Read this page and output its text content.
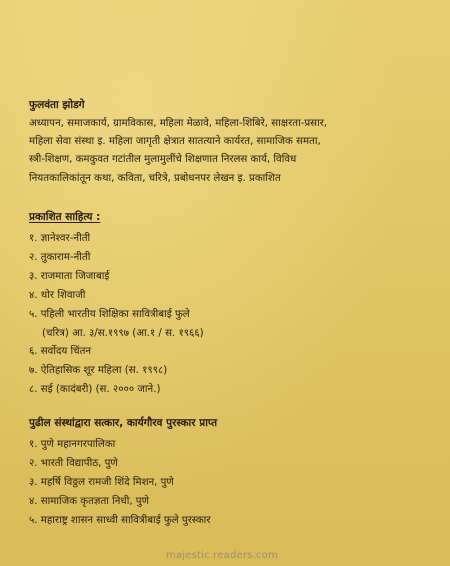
फुलवंता झोडगे
अध्यापन, समाजकार्य, ग्रामविकास, महिला मेळावे, महिला-शिबिरे, साक्षरता-प्रसार,
महिला सेवा संस्था इ. महिला जागृती क्षेत्रात सातत्याने कार्यरत, सामाजिक समता,
स्त्री-शिक्षण, कमकुवत गटांतील मुलामुलींचे शिक्षणात निरलस कार्य, विविध
नियतकालिकांतून कथा, कविता, चरित्रे, प्रबोधनपर लेखन इ. प्रकाशित
प्रकाशित साहित्य :
१. ज्ञानेश्वर-नीती
२. तुकाराम-नीती
३. राजमाता जिजाबाई
४. थोर शिवाजी
५. पहिली भारतीय शिक्षिका सावित्रीबाई फुले
(चरित्र) आ. ३/स.१९९७ (आ.१ / स. १९६६)
६. सर्वोदय चिंतन
७. ऐतिहासिक शूर महिला (स. १९९८)
८. सई (कादंबरी) (स. २००० जाने.)
पुढील संस्थांद्वारा सत्कार, कार्यगौरव पुरस्कार प्राप्त
१. पुणे महानगरपालिका
२. भारती विद्यापीठ, पुणे
३. महर्षि विठ्ठल रामजी शिंदे मिशन, पुणे
४. सामाजिक कृतज्ञता निधी, पुणे
५. महाराष्ट्र शासन साध्वी सावित्रीबाई फुले पुरस्कार
majestic readers.com
